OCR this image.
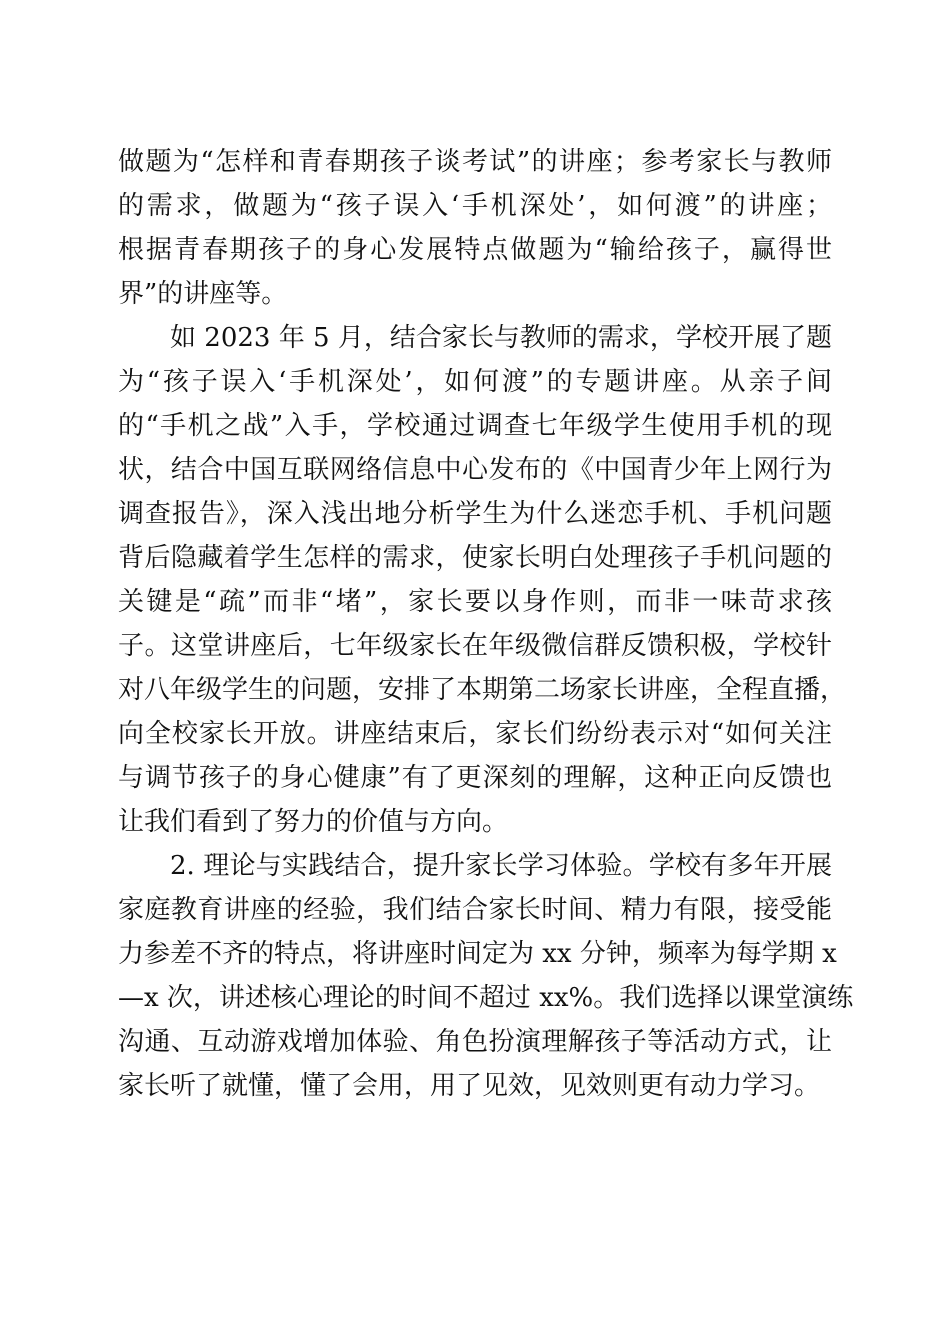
做题为“怎样和青春期孩子谈考试”的讲座；参考家长与教师
的需求，做题为“孩子误入‘手机深处’，如何渡”的讲座；
根据青春期孩子的身心发展特点做题为“输给孩子，赢得世
界”的讲座等。

如 2023 年 5 月，结合家长与教师的需求，学校开展了题
为“孩子误入‘手机深处’，如何渡”的专题讲座。从亲子间
的“手机之战”入手，学校通过调查七年级学生使用手机的现
状，结合中国互联网络信息中心发布的《中国青少年上网行为
调查报告》，深入浅出地分析学生为什么迷恋手机、手机问题
背后隐藏着学生怎样的需求，使家长明白处理孩子手机问题的
关键是“疏”而非“堵”，家长要以身作则，而非一味苛求孩
子。这堂讲座后，七年级家长在年级微信群反馈积极，学校针
对八年级学生的问题，安排了本期第二场家长讲座，全程直播，
向全校家长开放。讲座结束后，家长们纷纷表示对“如何关注
与调节孩子的身心健康”有了更深刻的理解，这种正向反馈也
让我们看到了努力的价值与方向。

2. 理论与实践结合，提升家长学习体验。学校有多年开展
家庭教育讲座的经验，我们结合家长时间、精力有限，接受能
力参差不齐的特点，将讲座时间定为 xx 分钟，频率为每学期 x
—x 次，讲述核心理论的时间不超过 xx%。我们选择以课堂演练
沟通、互动游戏增加体验、角色扮演理解孩子等活动方式，让
家长听了就懂，懂了会用，用了见效，见效则更有动力学习。
